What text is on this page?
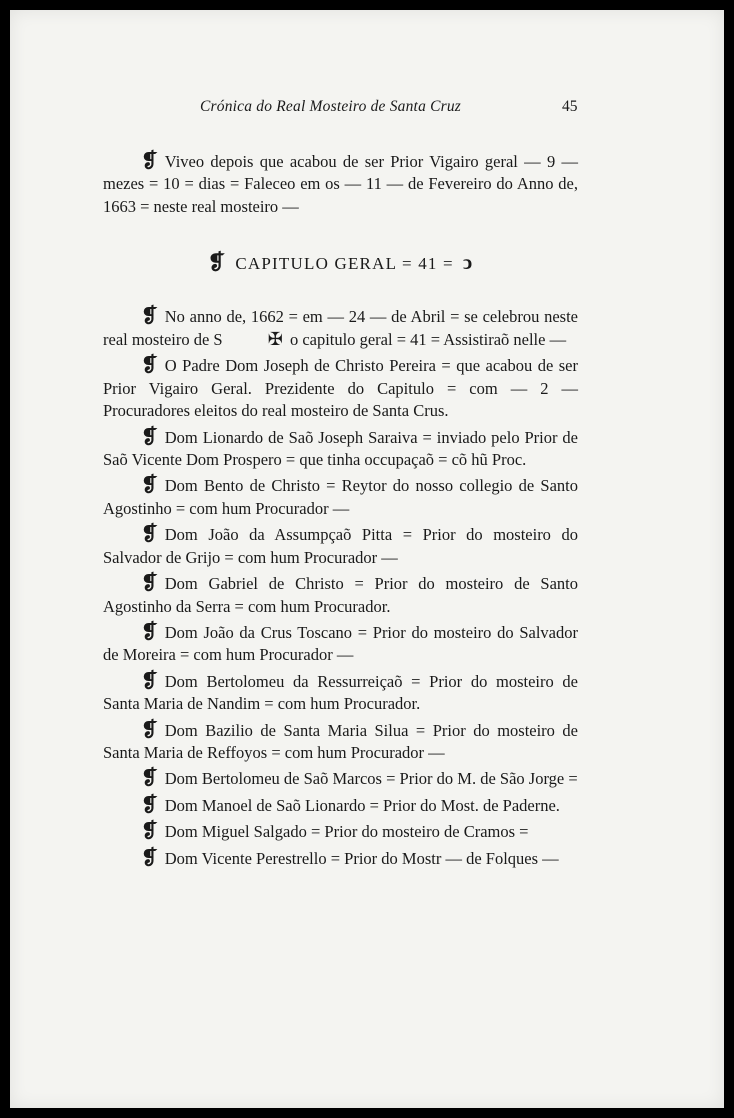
Crónica do Real Mosteiro de Santa Cruz	45

❡ Viveo depois que acabou de ser Prior Vigairo geral — 9 — mezes = 10 = dias = Faleceo em os — 11 — de Fevereiro do Anno de, 1663 = neste real mosteiro —

❡ CAPITULO GERAL = 41 = ↄ

❡ No anno de, 1662 = em — 24 — de Abril = se celebrou neste real mosteiro de S	✠ o capitulo geral = 41 = Assistiraõ nelle —

❡ O Padre Dom Joseph de Christo Pereira = que acabou de ser Prior Vigairo Geral. Prezidente do Capitulo = com — 2 — Procuradores eleitos do real mosteiro de Santa Crus.

❡ Dom Lionardo de Saõ Joseph Saraiva = inviado pelo Prior de Saõ Vicente Dom Prospero = que tinha occupaçaõ = cõ hũ Proc.

❡ Dom Bento de Christo = Reytor do nosso collegio de Santo Agostinho = com hum Procurador —

❡ Dom João da Assumpçaõ Pitta = Prior do mosteiro do Salvador de Grijo = com hum Procurador —

❡ Dom Gabriel de Christo = Prior do mosteiro de Santo Agostinho da Serra = com hum Procurador.

❡ Dom João da Crus Toscano = Prior do mosteiro do Salvador de Moreira = com hum Procurador —

❡ Dom Bertolomeu da Ressurreiçaõ = Prior do mosteiro de Santa Maria de Nandim = com hum Procurador.

❡ Dom Bazilio de Santa Maria Silua = Prior do mosteiro de Santa Maria de Reffoyos = com hum Procurador —

❡ Dom Bertolomeu de Saõ Marcos = Prior do M. de São Jorge =

❡ Dom Manoel de Saõ Lionardo = Prior do Most. de Paderne.

❡ Dom Miguel Salgado = Prior do mosteiro de Cramos =

❡ Dom Vicente Perestrello = Prior do Mostr — de Folques —
